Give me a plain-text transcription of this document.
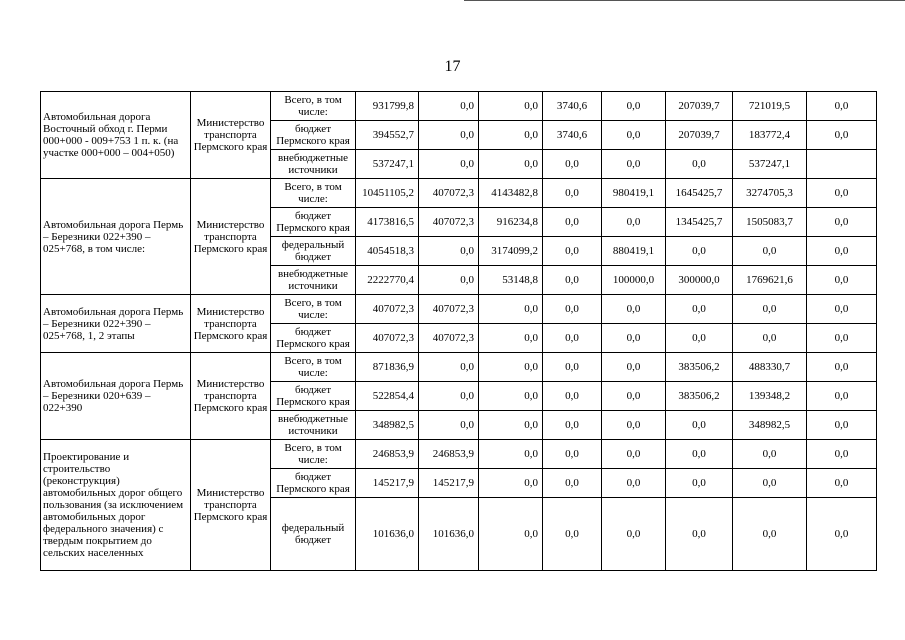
17
Автомобильная дорога Восточный обход г. Перми 000+000 - 009+753 1 п. к. (на участке 000+000 – 004+050)	Министерство транспорта Пермского края	Всего, в том числе:	931799,8	0,0	0,0	3740,6	0,0	207039,7	721019,5	0,0
		бюджет Пермского края	394552,7	0,0	0,0	3740,6	0,0	207039,7	183772,4	0,0
		внебюджетные источники	537247,1	0,0	0,0	0,0	0,0	0,0	537247,1	
Автомобильная дорога Пермь – Березники 022+390 – 025+768, в том числе:	Министерство транспорта Пермского края	Всего, в том числе:	10451105,2	407072,3	4143482,8	0,0	980419,1	1645425,7	3274705,3	0,0
		бюджет Пермского края	4173816,5	407072,3	916234,8	0,0	0,0	1345425,7	1505083,7	0,0
		федеральный бюджет	4054518,3	0,0	3174099,2	0,0	880419,1	0,0	0,0	0,0
		внебюджетные источники	2222770,4	0,0	53148,8	0,0	100000,0	300000,0	1769621,6	0,0
Автомобильная дорога Пермь – Березники 022+390 – 025+768, 1, 2 этапы	Министерство транспорта Пермского края	Всего, в том числе:	407072,3	407072,3	0,0	0,0	0,0	0,0	0,0	0,0
		бюджет Пермского края	407072,3	407072,3	0,0	0,0	0,0	0,0	0,0	0,0
Автомобильная дорога Пермь – Березники 020+639 – 022+390	Министерство транспорта Пермского края	Всего, в том числе:	871836,9	0,0	0,0	0,0	0,0	383506,2	488330,7	0,0
		бюджет Пермского края	522854,4	0,0	0,0	0,0	0,0	383506,2	139348,2	0,0
		внебюджетные источники	348982,5	0,0	0,0	0,0	0,0	0,0	348982,5	0,0
Проектирование и строительство (реконструкция) автомобильных дорог общего пользования (за исключением автомобильных дорог федерального значения) с твердым покрытием до сельских населенных	Министерство транспорта Пермского края	Всего, в том числе:	246853,9	246853,9	0,0	0,0	0,0	0,0	0,0	0,0
		бюджет Пермского края	145217,9	145217,9	0,0	0,0	0,0	0,0	0,0	0,0
		федеральный бюджет	101636,0	101636,0	0,0	0,0	0,0	0,0	0,0	0,0
